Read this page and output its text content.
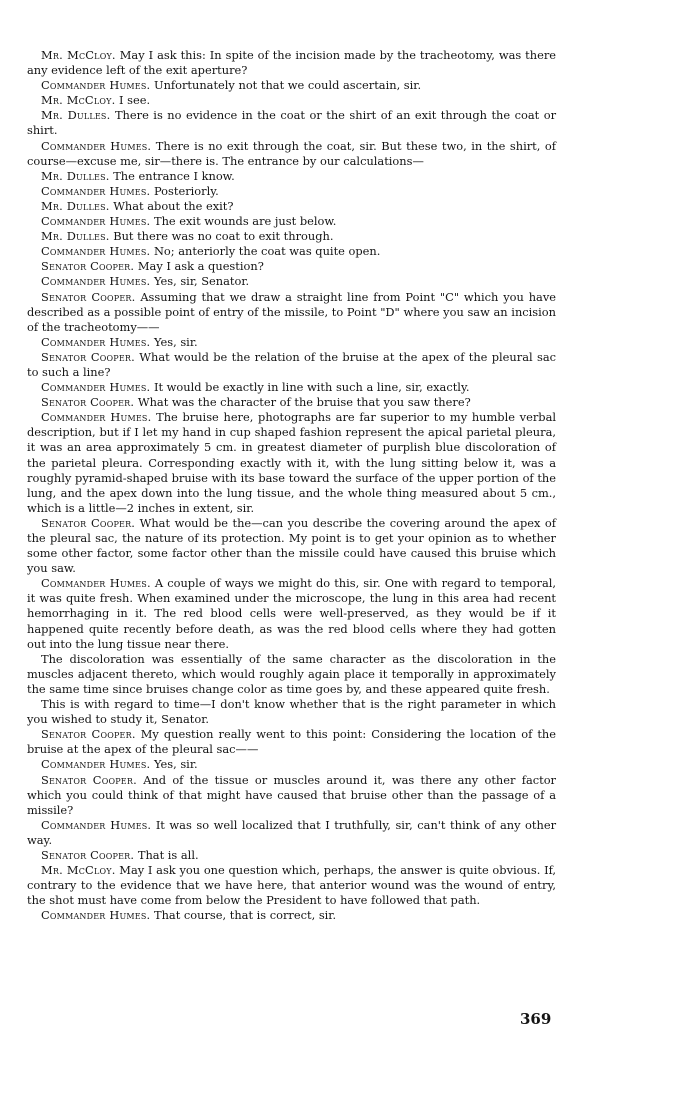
Mr. McCloy. May I ask this: In spite of the incision made by the tracheotomy, was there any evidence left of the exit aperture?

Commander Humes. Unfortunately not that we could ascertain, sir.

Mr. McCloy. I see.

Mr. Dulles. There is no evidence in the coat or the shirt of an exit through the coat or shirt.

Commander Humes. There is no exit through the coat, sir. But these two, in the shirt, of course—excuse me, sir—there is. The entrance by our calculations—

Mr. Dulles. The entrance I know.

Commander Humes. Posteriorly.

Mr. Dulles. What about the exit?

Commander Humes. The exit wounds are just below.

Mr. Dulles. But there was no coat to exit through.

Commander Humes. No; anteriorly the coat was quite open.

Senator Cooper. May I ask a question?

Commander Humes. Yes, sir, Senator.

Senator Cooper. Assuming that we draw a straight line from Point "C" which you have described as a possible point of entry of the missile, to Point "D" where you saw an incision of the tracheotomy——

Commander Humes. Yes, sir.

Senator Cooper. What would be the relation of the bruise at the apex of the pleural sac to such a line?

Commander Humes. It would be exactly in line with such a line, sir, exactly.

Senator Cooper. What was the character of the bruise that you saw there?

Commander Humes. The bruise here, photographs are far superior to my humble verbal description, but if I let my hand in cup shaped fashion represent the apical parietal pleura, it was an area approximately 5 cm. in greatest diameter of purplish blue discoloration of the parietal pleura. Corresponding exactly with it, with the lung sitting below it, was a roughly pyramid-shaped bruise with its base toward the surface of the upper portion of the lung, and the apex down into the lung tissue, and the whole thing measured about 5 cm., which is a little—2 inches in extent, sir.

Senator Cooper. What would be the—can you describe the covering around the apex of the pleural sac, the nature of its protection. My point is to get your opinion as to whether some other factor, some factor other than the missile could have caused this bruise which you saw.

Commander Humes. A couple of ways we might do this, sir. One with regard to temporal, it was quite fresh. When examined under the microscope, the lung in this area had recent hemorrhaging in it. The red blood cells were well-preserved, as they would be if it happened quite recently before death, as was the red blood cells where they had gotten out into the lung tissue near there.

The discoloration was essentially of the same character as the discoloration in the muscles adjacent thereto, which would roughly again place it temporally in approximately the same time since bruises change color as time goes by, and these appeared quite fresh.

This is with regard to time—I don't know whether that is the right parameter in which you wished to study it, Senator.

Senator Cooper. My question really went to this point: Considering the location of the bruise at the apex of the pleural sac——

Commander Humes. Yes, sir.

Senator Cooper. And of the tissue or muscles around it, was there any other factor which you could think of that might have caused that bruise other than the passage of a missile?

Commander Humes. It was so well localized that I truthfully, sir, can't think of any other way.

Senator Cooper. That is all.

Mr. McCloy. May I ask you one question which, perhaps, the answer is quite obvious. If, contrary to the evidence that we have here, that anterior wound was the wound of entry, the shot must have come from below the President to have followed that path.

Commander Humes. That course, that is correct, sir.

369
